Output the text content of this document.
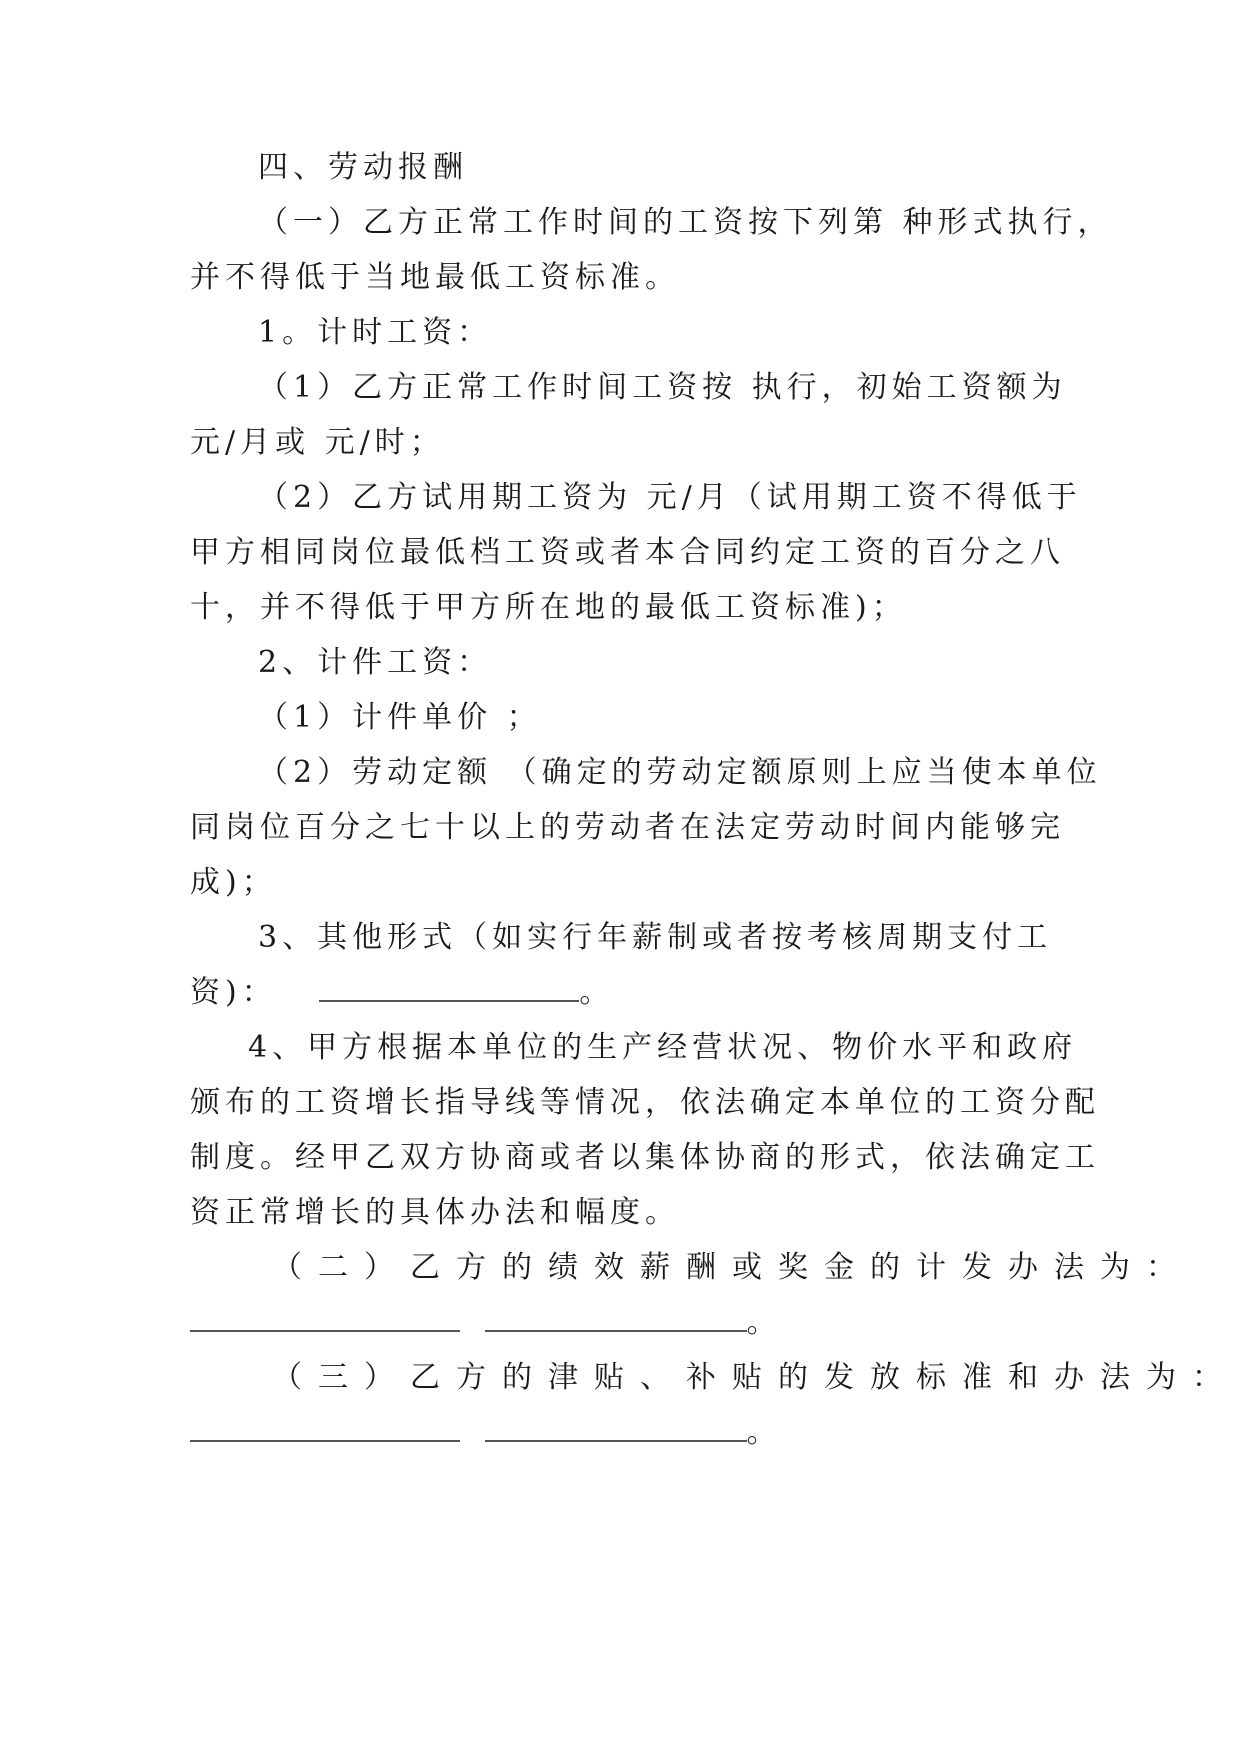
四、劳动报酬

（一）乙方正常工作时间的工资按下列第 种形式执行，

并不得低于当地最低工资标准。

1。计时工资：

（1）乙方正常工作时间工资按 执行，初始工资额为

元/月或 元/时；

（2）乙方试用期工资为 元/月（试用期工资不得低于

甲方相同岗位最低档工资或者本合同约定工资的百分之八

十，并不得低于甲方所在地的最低工资标准)；

2、计件工资：

（1）计件单价 ；

（2）劳动定额 （确定的劳动定额原则上应当使本单位

同岗位百分之七十以上的劳动者在法定劳动时间内能够完

成)；

3、其他形式（如实行年薪制或者按考核周期支付工

资)：	。

4、甲方根据本单位的生产经营状况、物价水平和政府

颁布的工资增长指导线等情况，依法确定本单位的工资分配

制度。经甲乙双方协商或者以集体协商的形式，依法确定工

资正常增长的具体办法和幅度。

（二）乙方的绩效薪酬或奖金的计发办法为：

。

（三）乙方的津贴、补贴的发放标准和办法为：

。
